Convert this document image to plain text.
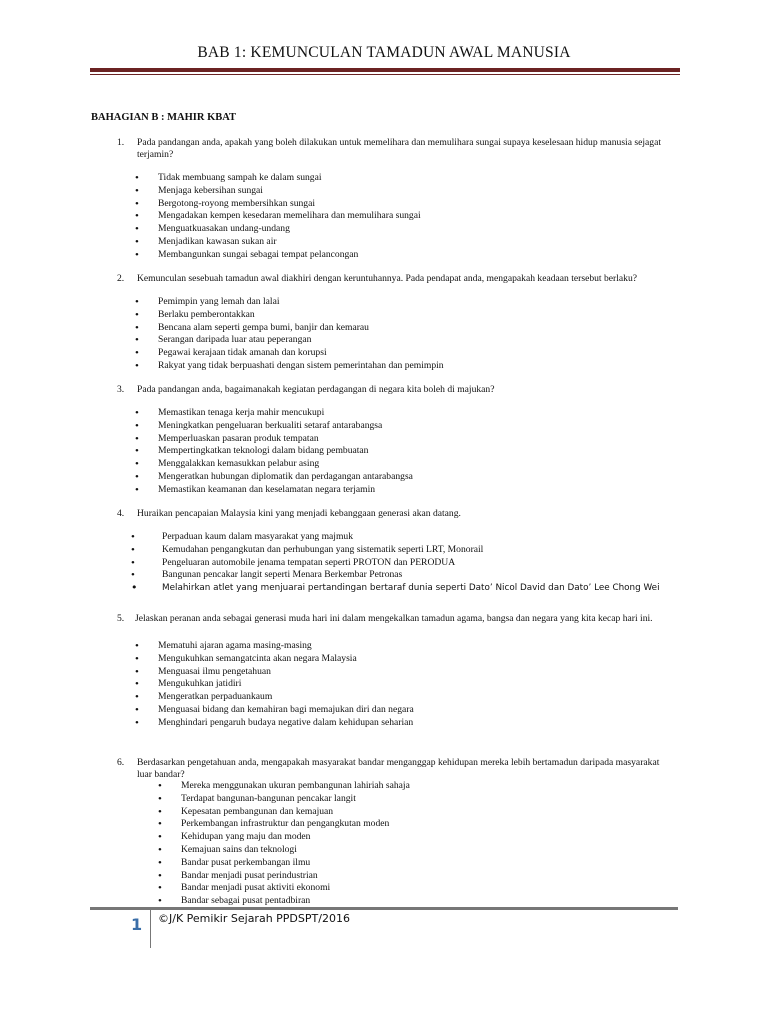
BAB 1: KEMUNCULAN TAMADUN AWAL MANUSIA
BAHAGIAN B : MAHIR KBAT
1. Pada pandangan anda, apakah yang boleh dilakukan untuk memelihara dan memulihara sungai supaya keselesaan hidup manusia sejagat terjamin?
• Tidak membuang sampah ke dalam sungai
• Menjaga kebersihan sungai
• Bergotong-royong membersihkan sungai
• Mengadakan kempen kesedaran memelihara dan memulihara sungai
• Menguatkuasakan undang-undang
• Menjadikan kawasan sukan air
• Membangunkan sungai sebagai tempat pelancongan
2. Kemunculan sesebuah tamadun awal diakhiri dengan keruntuhannya. Pada pendapat anda, mengapakah keadaan tersebut berlaku?
• Pemimpin yang lemah dan lalai
• Berlaku pemberontakkan
• Bencana alam seperti gempa bumi, banjir dan kemarau
• Serangan daripada luar atau peperangan
• Pegawai kerajaan tidak amanah dan korupsi
• Rakyat yang tidak berpuashati dengan sistem pemerintahan dan pemimpin
3. Pada pandangan anda, bagaimanakah kegiatan perdagangan di negara kita boleh di majukan?
• Memastikan tenaga kerja mahir mencukupi
• Meningkatkan pengeluaran berkualiti setaraf antarabangsa
• Memperluaskan pasaran produk tempatan
• Mempertingkatkan teknologi dalam bidang pembuatan
• Menggalakkan kemasukkan pelabur asing
• Mengeratkan hubungan diplomatik dan perdagangan antarabangsa
• Memastikan keamanan dan keselamatan negara terjamin
4. Huraikan pencapaian Malaysia kini yang menjadi kebanggaan generasi akan datang.
• Perpaduan kaum dalam masyarakat yang majmuk
• Kemudahan pengangkutan dan perhubungan yang sistematik seperti LRT, Monorail
• Pengeluaran automobile jenama tempatan seperti PROTON dan PERODUA
• Bangunan pencakar langit seperti Menara Berkembar Petronas
• Melahirkan atlet yang menjuarai pertandingan bertaraf dunia seperti Dato’ Nicol David dan Dato’ Lee Chong Wei
5. Jelaskan peranan anda sebagai generasi muda hari ini dalam mengekalkan tamadun agama, bangsa dan negara yang kita kecap hari ini.
• Mematuhi ajaran agama masing-masing
• Mengukuhkan semangatcinta akan negara Malaysia
• Menguasai ilmu pengetahuan
• Mengukuhkan jatidiri
• Mengeratkan perpaduankaum
• Menguasai bidang dan kemahiran bagi memajukan diri dan negara
• Menghindari pengaruh budaya negative dalam kehidupan seharian
6. Berdasarkan pengetahuan anda, mengapakah masyarakat bandar menganggap kehidupan mereka lebih bertamadun daripada masyarakat luar bandar?
• Mereka menggunakan ukuran pembangunan lahiriah sahaja
• Terdapat bangunan-bangunan pencakar langit
• Kepesatan pembangunan dan kemajuan
• Perkembangan infrastruktur dan pengangkutan moden
• Kehidupan yang maju dan moden
• Kemajuan sains dan teknologi
• Bandar pusat perkembangan ilmu
• Bandar menjadi pusat perindustrian
• Bandar menjadi pusat aktiviti ekonomi
• Bandar sebagai pusat pentadbiran
1 ©J/K Pemikir Sejarah PPDSPT/2016
